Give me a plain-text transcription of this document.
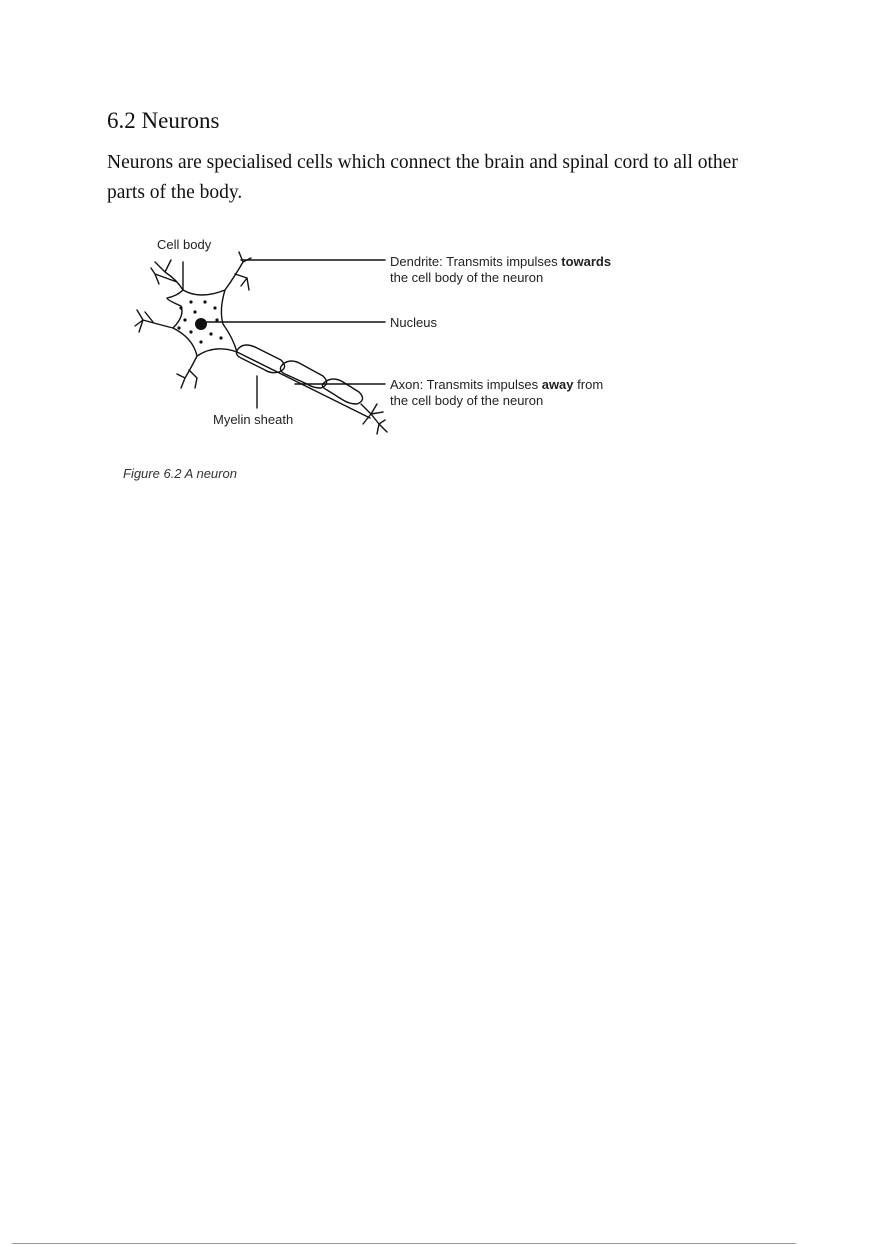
6.2 Neurons

Neurons are specialised cells which connect the brain and spinal cord to all other parts of the body.

Cell body
Dendrite: Transmits impulses towards
the cell body of the neuron
Nucleus
Axon: Transmits impulses away from
the cell body of the neuron
Myelin sheath
Figure 6.2 A neuron
